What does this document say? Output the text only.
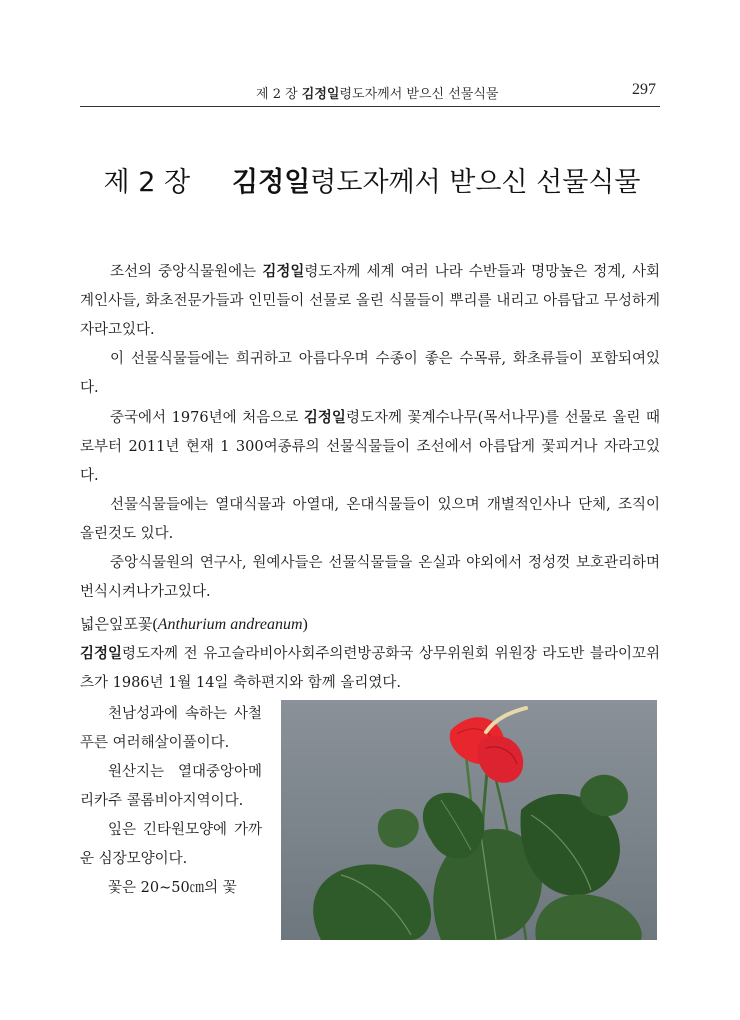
제 2 장 김정일령도자께서 받으신 선물식물	297
제 2 장 김정일령도자께서 받으신 선물식물

조선의 중앙식물원에는 김정일령도자께 세계 여러 나라 수반들과 명망높은 정계, 사회계인사들, 화초전문가들과 인민들이 선물로 올린 식물들이 뿌리를 내리고 아름답고 무성하게 자라고있다.

이 선물식물들에는 희귀하고 아름다우며 수종이 좋은 수목류, 화초류들이 포함되여있다.

중국에서 1976년에 처음으로 김정일령도자께 꽃계수나무(목서나무)를 선물로 올린 때로부터 2011년 현재 1 300여종류의 선물식물들이 조선에서 아름답게 꽃피거나 자라고있다.

선물식물들에는 열대식물과 아열대, 온대식물들이 있으며 개별적인사나 단체, 조직이 올린것도 있다.

중앙식물원의 연구사, 원예사들은 선물식물들을 온실과 야외에서 정성껏 보호관리하며 번식시켜나가고있다.

넓은잎포꽃(Anthurium andreanum)

김정일령도자께 전 유고슬라비아사회주의련방공화국 상무위원회 위원장 라도반 블라이꼬위츠가 1986년 1월 14일 축하편지와 함께 올리였다.

천남성과에 속하는 사철푸른 여러해살이풀이다.

원산지는 열대중앙아메리카주 콜롬비아지역이다.

잎은 긴타원모양에 가까운 심장모양이다.

꽃은 20∼50㎝의 꽃
